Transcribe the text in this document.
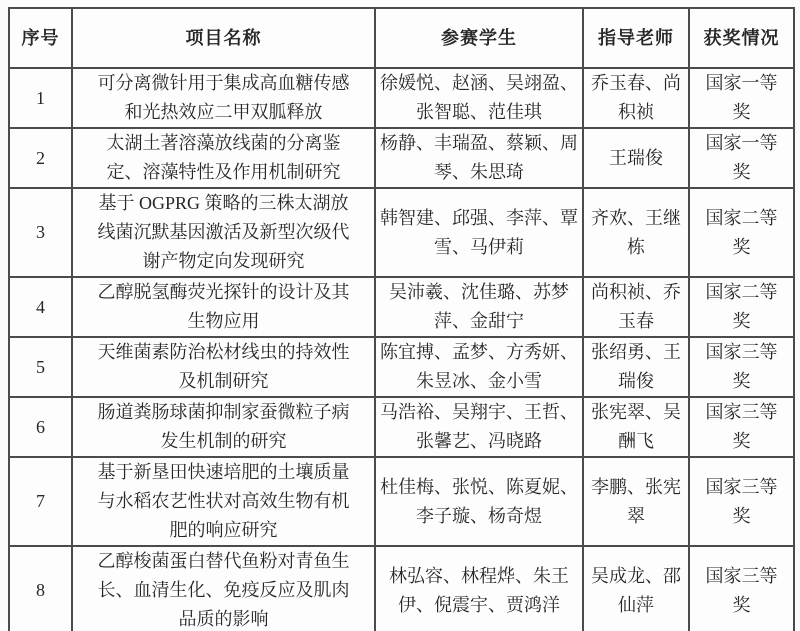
序号	项目名称	参赛学生	指导老师	获奖情况
1	可分离微针用于集成高血糖传感和光热效应二甲双胍释放	徐媛悦、赵涵、吴翊盈、张智聪、范佳琪	乔玉春、尚积祯	国家一等奖
2	太湖土著溶藻放线菌的分离鉴定、溶藻特性及作用机制研究	杨静、丰瑞盈、蔡颖、周琴、朱思琦	王瑞俊	国家一等奖
3	基于 OGPRG 策略的三株太湖放线菌沉默基因激活及新型次级代谢产物定向发现研究	韩智建、邱强、李萍、覃雪、马伊莉	齐欢、王继栋	国家二等奖
4	乙醇脱氢酶荧光探针的设计及其生物应用	吴沛羲、沈佳璐、苏梦萍、金甜宁	尚积祯、乔玉春	国家二等奖
5	天维菌素防治松材线虫的持效性及机制研究	陈宜搏、孟梦、方秀妍、朱昱冰、金小雪	张绍勇、王瑞俊	国家三等奖
6	肠道粪肠球菌抑制家蚕微粒子病发生机制的研究	马浩裕、吴翔宇、王哲、张馨艺、冯晓路	张宪翠、吴酬飞	国家三等奖
7	基于新垦田快速培肥的土壤质量与水稻农艺性状对高效生物有机肥的响应研究	杜佳梅、张悦、陈夏妮、李子璇、杨奇煜	李鹏、张宪翠	国家三等奖
8	乙醇梭菌蛋白替代鱼粉对青鱼生长、血清生化、免疫反应及肌肉品质的影响	林弘容、林程烨、朱王伊、倪震宇、贾鸿洋	吴成龙、邵仙萍	国家三等奖
